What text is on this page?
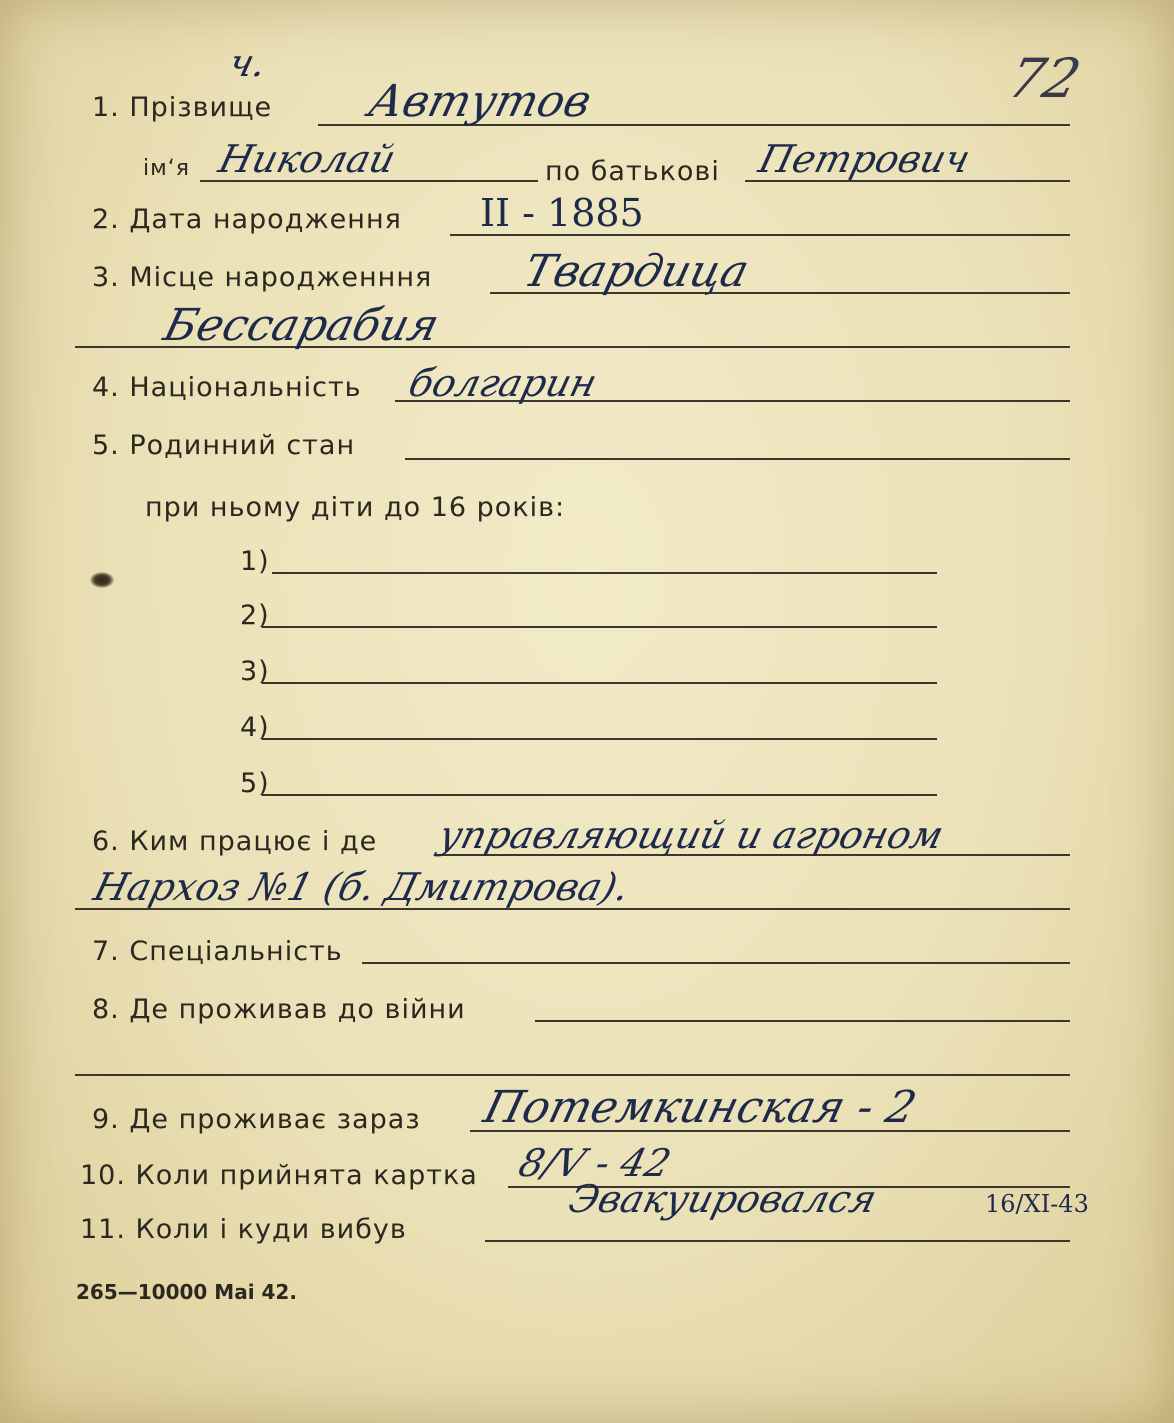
ч.	72
1. Прізвище Автутов
ім‘я Николай	по батькові Петрович
2. Дата народження II - 1885
3. Місце народженння Твардица
Бессарабия
4. Національність болгарин
5. Родинний стан
при ньому діти до 16 років:
1)
2)
3)
4)
5)
6. Ким працює і де управляющий и агроном
Нархоз №1 (б. Дмитрова).
7. Спеціальність
8. Де проживав до війни
9. Де проживає зараз Потемкинская - 2
10. Коли прийнята картка 8/V - 42
11. Коли і куди вибув
Эвакуировался	16/XI-43
265—10000 Mai 42.
